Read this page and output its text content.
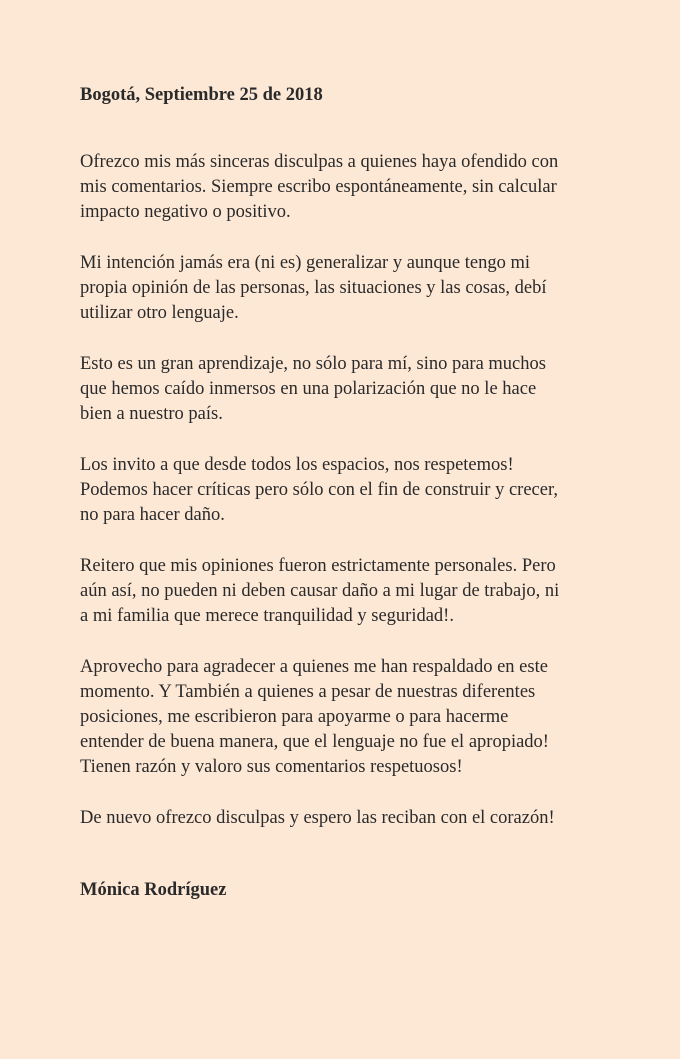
Bogotá, Septiembre 25 de 2018
Ofrezco mis más sinceras disculpas a quienes haya ofendido con
mis comentarios. Siempre escribo espontáneamente, sin calcular
impacto negativo o positivo.
Mi intención jamás era (ni es) generalizar y aunque tengo mi
propia opinión de las personas, las situaciones y las cosas, debí
utilizar otro lenguaje.
Esto es un gran aprendizaje, no sólo para mí, sino para muchos
que hemos caído inmersos en una polarización que no le hace
bien a nuestro país.
Los invito a que desde todos los espacios, nos respetemos!
Podemos hacer críticas pero sólo con el fin de construir y crecer,
no para hacer daño.
Reitero que mis opiniones fueron estrictamente personales. Pero
aún así, no pueden ni deben causar daño a mi lugar de trabajo, ni
a mi familia que merece tranquilidad y seguridad!.
Aprovecho para agradecer a quienes me han respaldado en este
momento. Y También a quienes a pesar de nuestras diferentes
posiciones, me escribieron para apoyarme o para hacerme
entender de buena manera, que el lenguaje no fue el apropiado!
Tienen razón y valoro sus comentarios respetuosos!
De nuevo ofrezco disculpas y espero las reciban con el corazón!
Mónica Rodríguez
